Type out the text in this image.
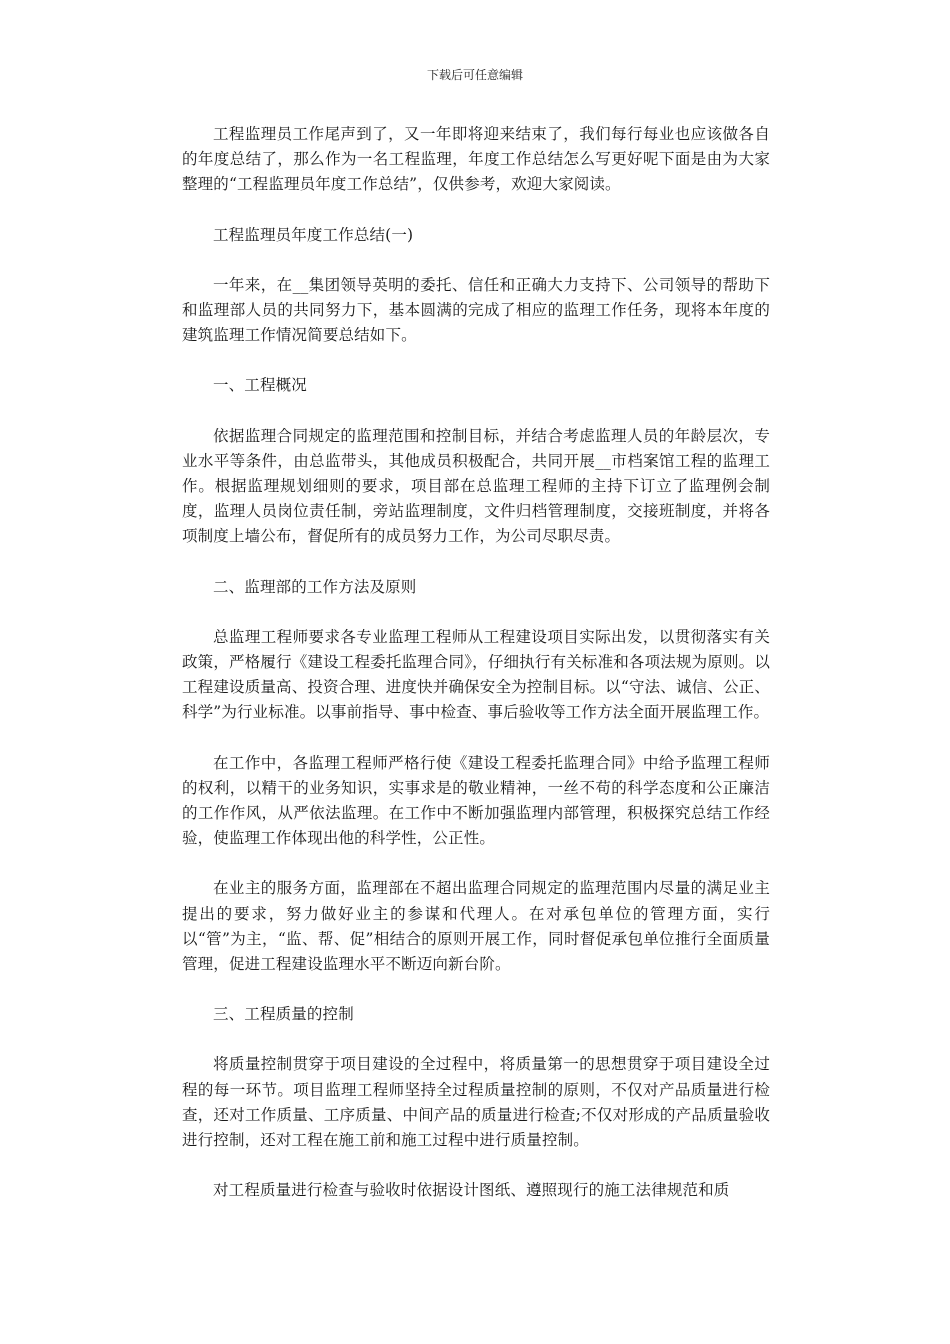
下载后可任意编辑

工程监理员工作尾声到了，又一年即将迎来结束了，我们每行每业也应该做各自的年度总结了，那么作为一名工程监理，年度工作总结怎么写更好呢下面是由为大家整理的“工程监理员年度工作总结”，仅供参考，欢迎大家阅读。

工程监理员年度工作总结(一)

一年来，在__集团领导英明的委托、信任和正确大力支持下、公司领导的帮助下和监理部人员的共同努力下，基本圆满的完成了相应的监理工作任务，现将本年度的建筑监理工作情况简要总结如下。

一、工程概况

依据监理合同规定的监理范围和控制目标，并结合考虑监理人员的年龄层次，专业水平等条件，由总监带头，其他成员积极配合，共同开展__市档案馆工程的监理工作。根据监理规划细则的要求，项目部在总监理工程师的主持下订立了监理例会制度，监理人员岗位责任制，旁站监理制度，文件归档管理制度，交接班制度，并将各项制度上墙公布，督促所有的成员努力工作，为公司尽职尽责。

二、监理部的工作方法及原则

总监理工程师要求各专业监理工程师从工程建设项目实际出发，以贯彻落实有关政策，严格履行《建设工程委托监理合同》，仔细执行有关标准和各项法规为原则。以工程建设质量高、投资合理、进度快并确保安全为控制目标。以“守法、诚信、公正、科学”为行业标准。以事前指导、事中检查、事后验收等工作方法全面开展监理工作。

在工作中，各监理工程师严格行使《建设工程委托监理合同》中给予监理工程师的权利，以精干的业务知识，实事求是的敬业精神，一丝不苟的科学态度和公正廉洁的工作作风，从严依法监理。在工作中不断加强监理内部管理，积极探究总结工作经验，使监理工作体现出他的科学性，公正性。

在业主的服务方面，监理部在不超出监理合同规定的监理范围内尽量的满足业主提出的要求，努力做好业主的参谋和代理人。在对承包单位的管理方面，实行以“管”为主，“监、帮、促”相结合的原则开展工作，同时督促承包单位推行全面质量管理，促进工程建设监理水平不断迈向新台阶。

三、工程质量的控制

将质量控制贯穿于项目建设的全过程中，将质量第一的思想贯穿于项目建设全过程的每一环节。项目监理工程师坚持全过程质量控制的原则，不仅对产品质量进行检查，还对工作质量、工序质量、中间产品的质量进行检查;不仅对形成的产品质量验收进行控制，还对工程在施工前和施工过程中进行质量控制。

对工程质量进行检查与验收时依据设计图纸、遵照现行的施工法律规范和质
